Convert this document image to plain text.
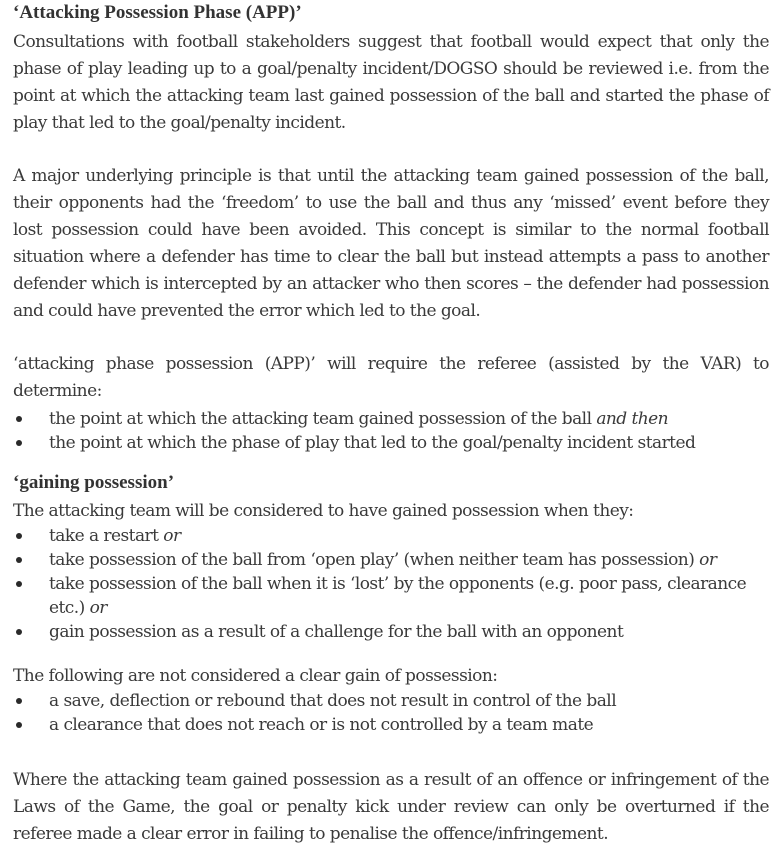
‘Attacking Possession Phase (APP)’

Consultations with football stakeholders suggest that football would expect that only the phase of play leading up to a goal/penalty incident/DOGSO should be reviewed i.e. from the point at which the attacking team last gained possession of the ball and started the phase of play that led to the goal/penalty incident.

A major underlying principle is that until the attacking team gained possession of the ball, their opponents had the ‘freedom’ to use the ball and thus any ‘missed’ event before they lost possession could have been avoided. This concept is similar to the normal football situation where a defender has time to clear the ball but instead attempts a pass to another defender which is intercepted by an attacker who then scores – the defender had possession and could have prevented the error which led to the goal.

‘attacking phase possession (APP)’ will require the referee (assisted by the VAR) to determine:

the point at which the attacking team gained possession of the ball and then
the point at which the phase of play that led to the goal/penalty incident started
‘gaining possession’

The attacking team will be considered to have gained possession when they:

take a restart or
take possession of the ball from ‘open play’ (when neither team has possession) or
take possession of the ball when it is ‘lost’ by the opponents (e.g. poor pass, clearance etc.) or
gain possession as a result of a challenge for the ball with an opponent

The following are not considered a clear gain of possession:

a save, deflection or rebound that does not result in control of the ball
a clearance that does not reach or is not controlled by a team mate

Where the attacking team gained possession as a result of an offence or infringement of the Laws of the Game, the goal or penalty kick under review can only be overturned if the referee made a clear error in failing to penalise the offence/infringement.
